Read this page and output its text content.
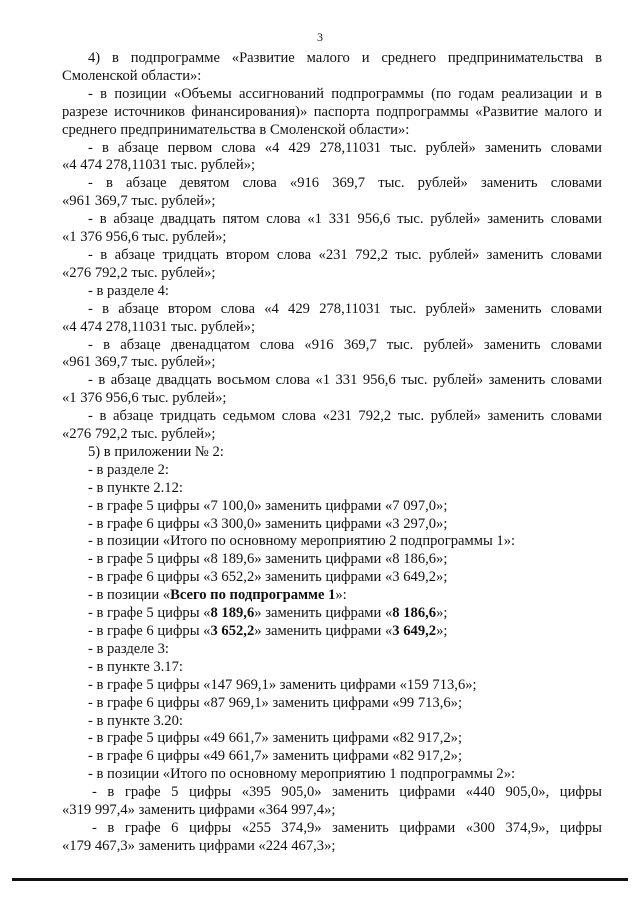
3

4) в подпрограмме «Развитие малого и среднего предпринимательства в

Смоленской области»:

- в позиции «Объемы ассигнований подпрограммы (по годам реализации и в

разрезе источников финансирования)» паспорта подпрограммы «Развитие малого и

среднего предпринимательства в Смоленской области»:

- в абзаце первом слова «4 429 278,11031 тыс. рублей» заменить словами

«4 474 278,11031 тыс. рублей»;

- в абзаце девятом слова «916 369,7 тыс. рублей» заменить словами

«961 369,7 тыс. рублей»;

- в абзаце двадцать пятом слова «1 331 956,6 тыс. рублей» заменить словами

«1 376 956,6 тыс. рублей»;

- в абзаце тридцать втором слова «231 792,2 тыс. рублей» заменить словами

«276 792,2 тыс. рублей»;

- в разделе 4:

- в абзаце втором слова «4 429 278,11031 тыс. рублей» заменить словами

«4 474 278,11031 тыс. рублей»;

- в абзаце двенадцатом слова «916 369,7 тыс. рублей» заменить словами

«961 369,7 тыс. рублей»;

- в абзаце двадцать восьмом слова «1 331 956,6 тыс. рублей» заменить словами

«1 376 956,6 тыс. рублей»;

- в абзаце тридцать седьмом слова «231 792,2 тыс. рублей» заменить словами

«276 792,2 тыс. рублей»;

5) в приложении № 2:

- в разделе 2:

- в пункте 2.12:

- в графе 5 цифры «7 100,0» заменить цифрами «7 097,0»;

- в графе 6 цифры «3 300,0» заменить цифрами «3 297,0»;

- в позиции «Итого по основному мероприятию 2 подпрограммы 1»:

- в графе 5 цифры «8 189,6» заменить цифрами «8 186,6»;

- в графе 6 цифры «3 652,2» заменить цифрами «3 649,2»;

- в позиции «Всего по подпрограмме 1»:

- в графе 5 цифры «8 189,6» заменить цифрами «8 186,6»;

- в графе 6 цифры «3 652,2» заменить цифрами «3 649,2»;

- в разделе 3:

- в пункте 3.17:

- в графе 5 цифры «147 969,1» заменить цифрами «159 713,6»;

- в графе 6 цифры «87 969,1» заменить цифрами «99 713,6»;

- в пункте 3.20:

- в графе 5 цифры «49 661,7» заменить цифрами «82 917,2»;

- в графе 6 цифры «49 661,7» заменить цифрами «82 917,2»;

- в позиции «Итого по основному мероприятию 1 подпрограммы 2»:

- в графе 5 цифры «395 905,0» заменить цифрами «440 905,0», цифры

«319 997,4» заменить цифрами «364 997,4»;

- в графе 6 цифры «255 374,9» заменить цифрами «300 374,9», цифры

«179 467,3» заменить цифрами «224 467,3»;
